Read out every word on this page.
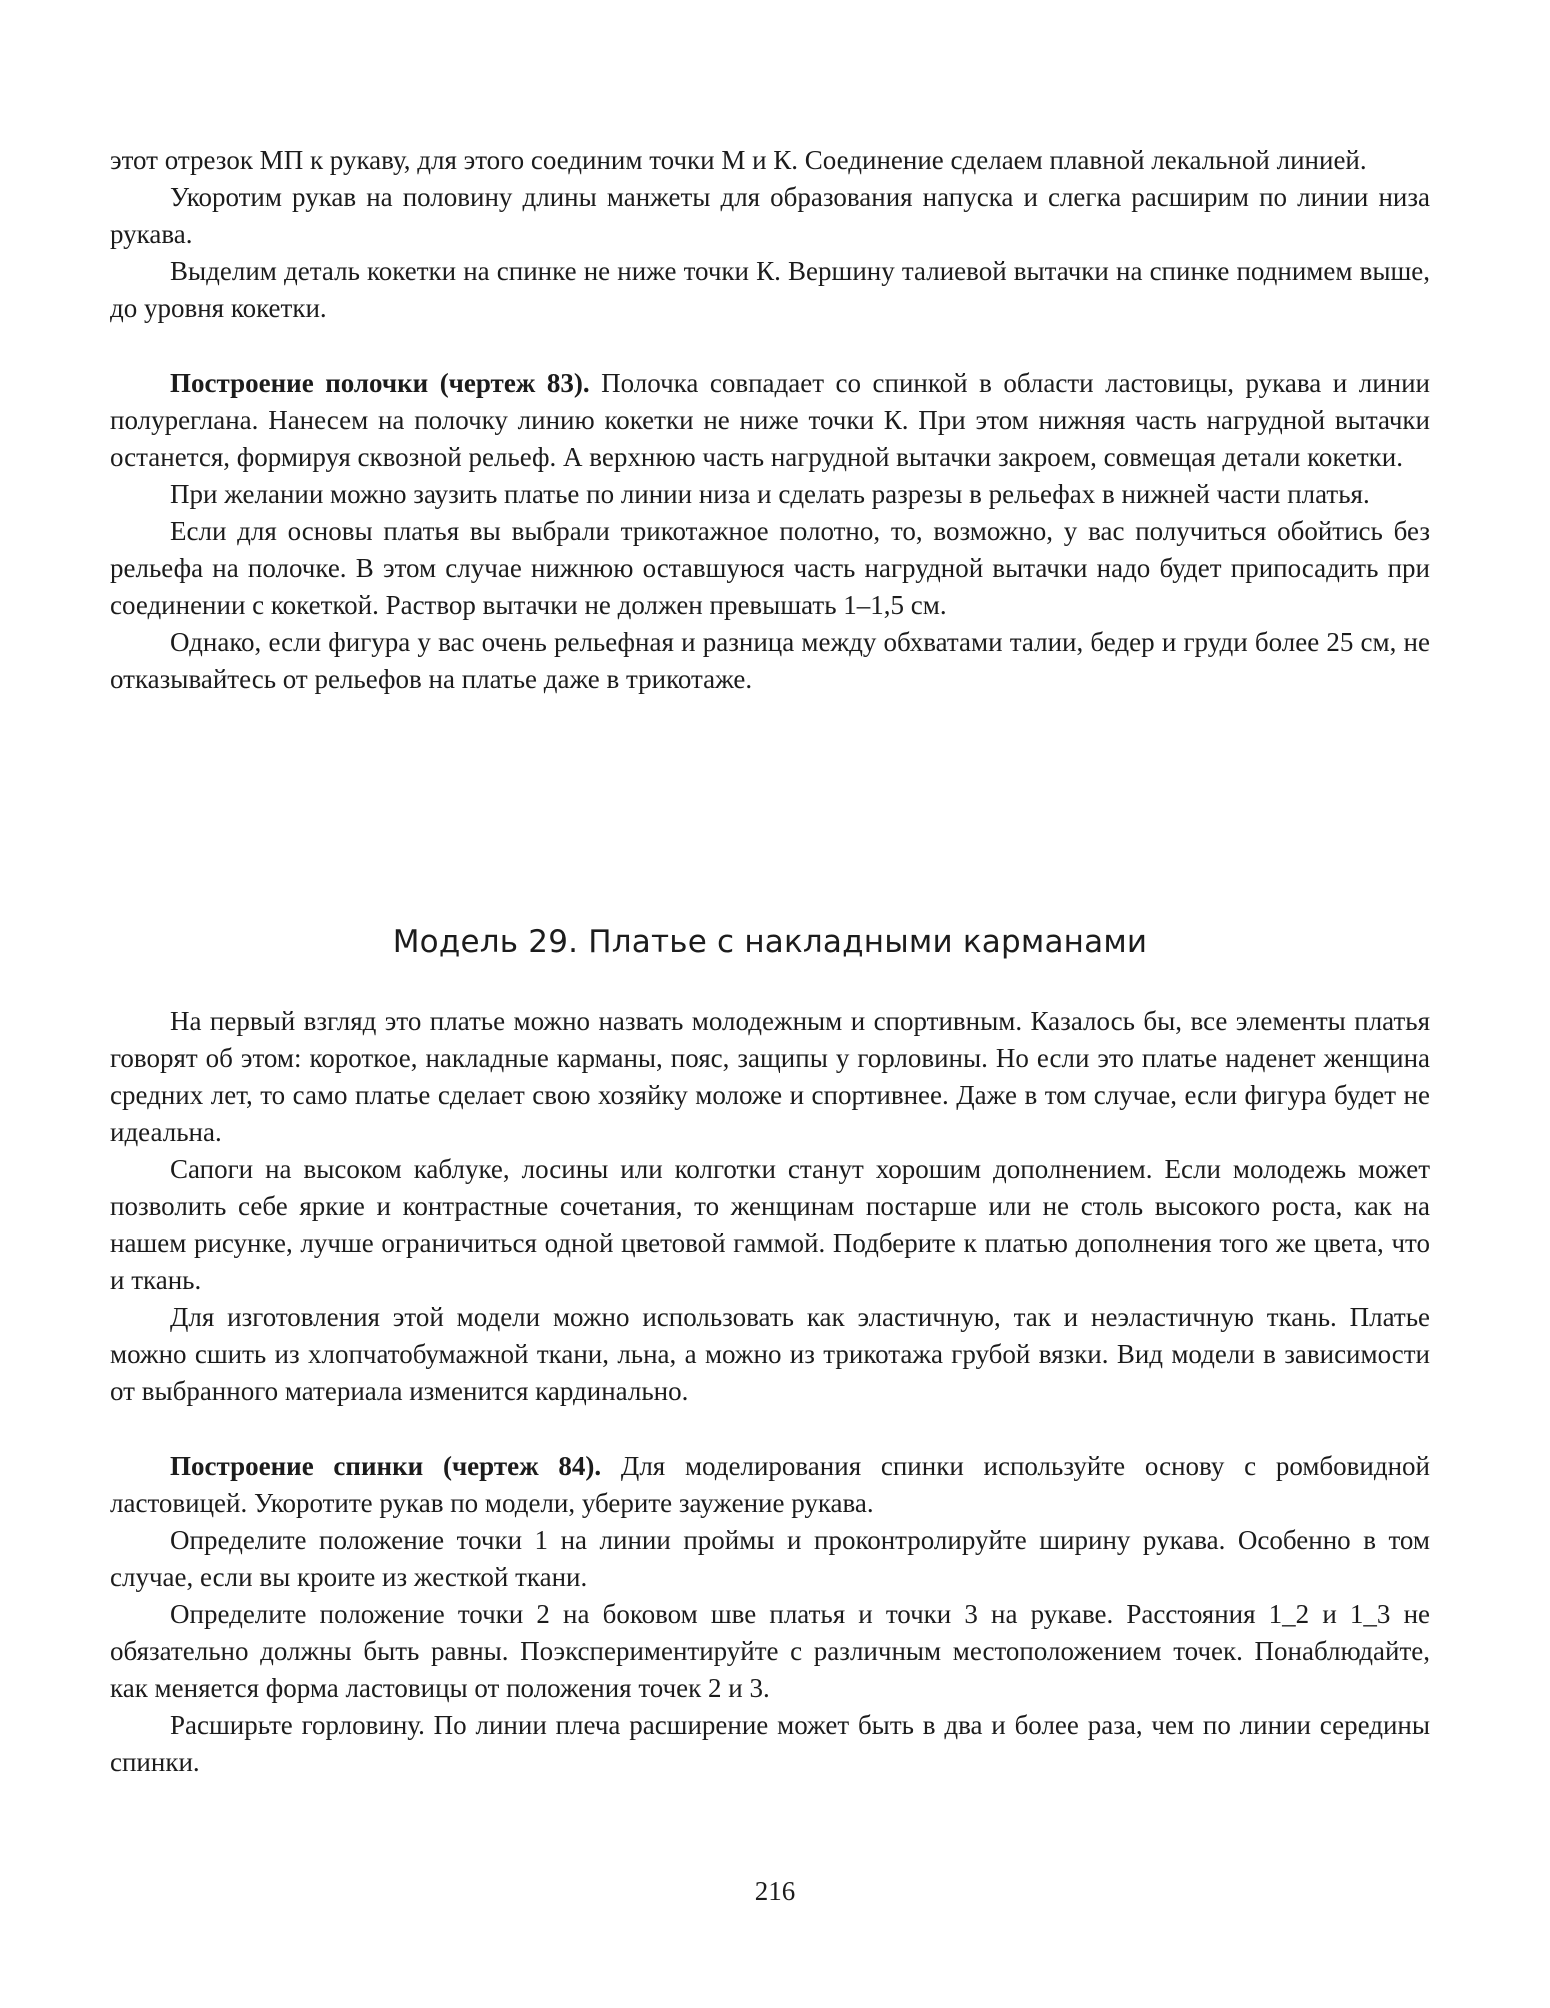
этот отрезок МП к рукаву, для этого соединим точки М и К. Соединение сделаем плавной лекальной линией.

Укоротим рукав на половину длины манжеты для образования напуска и слегка расширим по линии низа рукава.

Выделим деталь кокетки на спинке не ниже точки К. Вершину талиевой вытачки на спинке поднимем выше, до уровня кокетки.

Построение полочки (чертеж 83). Полочка совпадает со спинкой в области ластовицы, рукава и линии полуреглана. Нанесем на полочку линию кокетки не ниже точки К. При этом нижняя часть нагрудной вытачки останется, формируя сквозной рельеф. А верхнюю часть нагрудной вытачки закроем, совмещая детали кокетки.

При желании можно заузить платье по линии низа и сделать разрезы в рельефах в нижней части платья.

Если для основы платья вы выбрали трикотажное полотно, то, возможно, у вас получиться обойтись без рельефа на полочке. В этом случае нижнюю оставшуюся часть нагрудной вытачки надо будет припосадить при соединении с кокеткой. Раствор вытачки не должен превышать 1–1,5 см.

Однако, если фигура у вас очень рельефная и разница между обхватами талии, бедер и груди более 25 см, не отказывайтесь от рельефов на платье даже в трикотаже.

Модель 29. Платье с накладными карманами

На первый взгляд это платье можно назвать молодежным и спортивным. Казалось бы, все элементы платья говорят об этом: короткое, накладные карманы, пояс, защипы у горловины. Но если это платье наденет женщина средних лет, то само платье сделает свою хозяйку моложе и спортивнее. Даже в том случае, если фигура будет не идеальна.

Сапоги на высоком каблуке, лосины или колготки станут хорошим дополнением. Если молодежь может позволить себе яркие и контрастные сочетания, то женщинам постарше или не столь высокого роста, как на нашем рисунке, лучше ограничиться одной цветовой гаммой. Подберите к платью дополнения того же цвета, что и ткань.

Для изготовления этой модели можно использовать как эластичную, так и неэластичную ткань. Платье можно сшить из хлопчатобумажной ткани, льна, а можно из трикотажа грубой вязки. Вид модели в зависимости от выбранного материала изменится кардинально.

Построение спинки (чертеж 84). Для моделирования спинки используйте основу с ромбовидной ластовицей. Укоротите рукав по модели, уберите заужение рукава.

Определите положение точки 1 на линии проймы и проконтролируйте ширину рукава. Особенно в том случае, если вы кроите из жесткой ткани.

Определите положение точки 2 на боковом шве платья и точки 3 на рукаве. Расстояния 1_2 и 1_3 не обязательно должны быть равны. Поэкспериментируйте с различным местоположением точек. Понаблюдайте, как меняется форма ластовицы от положения точек 2 и 3.

Расширьте горловину. По линии плеча расширение может быть в два и более раза, чем по линии середины спинки.

216
